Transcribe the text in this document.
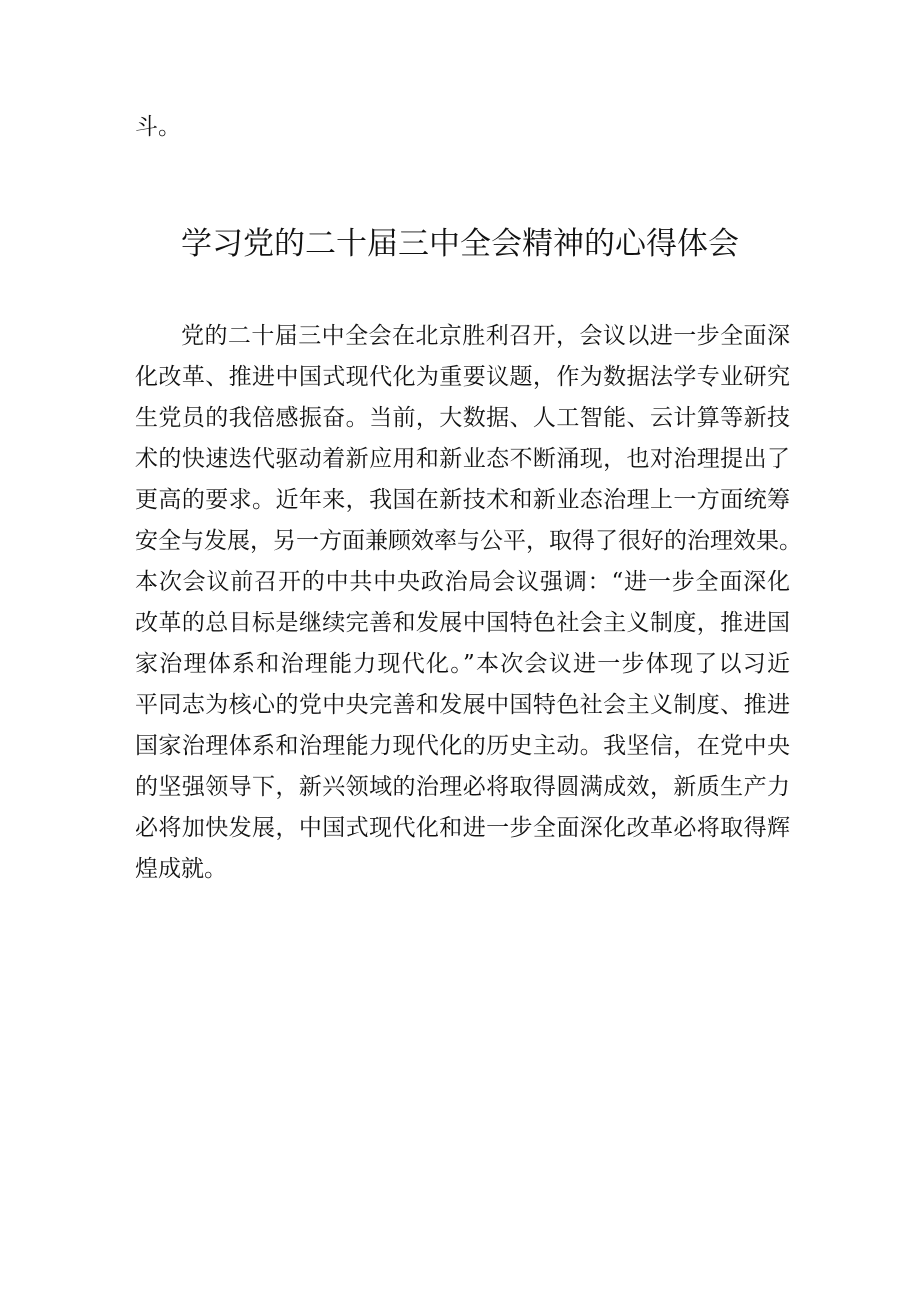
斗。

学习党的二十届三中全会精神的心得体会
党的二十届三中全会在北京胜利召开，会议以进一步全面深
化改革、推进中国式现代化为重要议题，作为数据法学专业研究
生党员的我倍感振奋。当前，大数据、人工智能、云计算等新技
术的快速迭代驱动着新应用和新业态不断涌现，也对治理提出了
更高的要求。近年来，我国在新技术和新业态治理上一方面统筹
安全与发展，另一方面兼顾效率与公平，取得了很好的治理效果。
本次会议前召开的中共中央政治局会议强调：“进一步全面深化
改革的总目标是继续完善和发展中国特色社会主义制度，推进国
家治理体系和治理能力现代化。”本次会议进一步体现了以习近
平同志为核心的党中央完善和发展中国特色社会主义制度、推进
国家治理体系和治理能力现代化的历史主动。我坚信，在党中央
的坚强领导下，新兴领域的治理必将取得圆满成效，新质生产力
必将加快发展，中国式现代化和进一步全面深化改革必将取得辉
煌成就。
